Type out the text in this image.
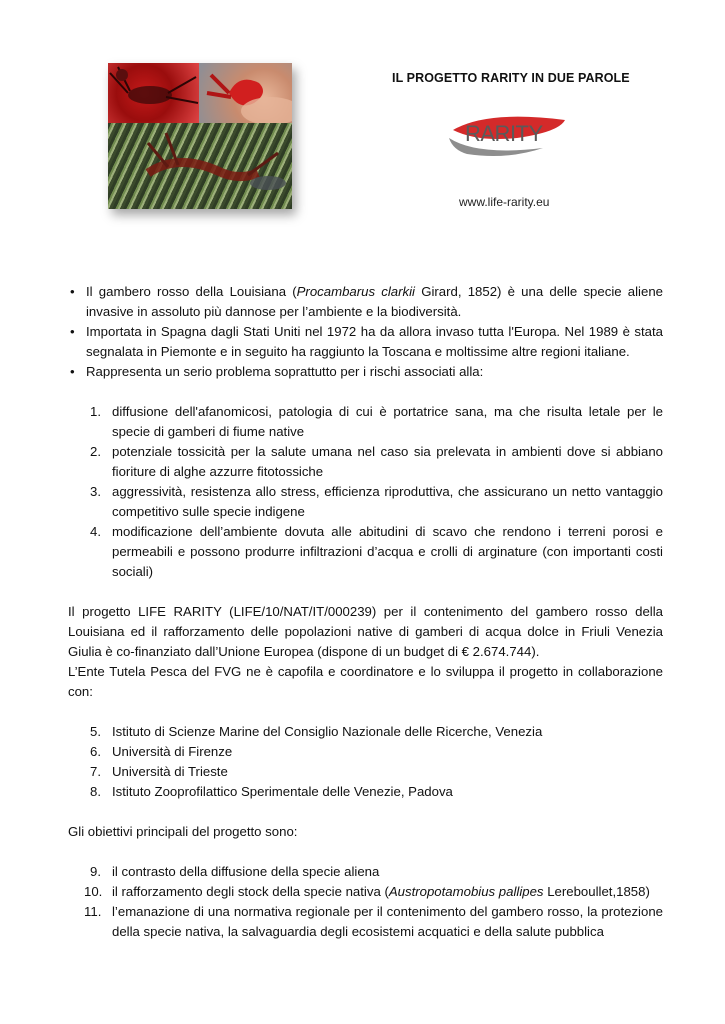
IL PROGETTO RARITY IN DUE PAROLE
RARITY
www.life-rarity.eu
• Il gambero rosso della Louisiana (Procambarus clarkii Girard, 1852) è una delle specie aliene invasive in assoluto più dannose per l’ambiente e la biodiversità.
• Importata in Spagna dagli Stati Uniti nel 1972 ha da allora invaso tutta l'Europa. Nel 1989 è stata segnalata in Piemonte e in seguito ha raggiunto la Toscana e moltissime altre regioni italiane.
• Rappresenta un serio problema soprattutto per i rischi associati alla:
1. diffusione dell'afanomicosi, patologia di cui è portatrice sana, ma che risulta letale per le specie di gamberi di fiume native
2. potenziale tossicità per la salute umana nel caso sia prelevata in ambienti dove si abbiano fioriture di alghe azzurre fitotossiche
3. aggressività, resistenza allo stress, efficienza riproduttiva, che assicurano un netto vantaggio competitivo sulle specie indigene
4. modificazione dell’ambiente dovuta alle abitudini di scavo che rendono i terreni porosi e permeabili e possono produrre infiltrazioni d’acqua e crolli di arginature (con importanti costi sociali)

Il progetto LIFE RARITY (LIFE/10/NAT/IT/000239) per il contenimento del gambero rosso della Louisiana ed il rafforzamento delle popolazioni native di gamberi di acqua dolce in Friuli Venezia Giulia è co-finanziato dall’Unione Europea (dispone di un budget di € 2.674.744).

L’Ente Tutela Pesca del FVG ne è capofila e coordinatore e lo sviluppa il progetto in collaborazione con:

5. Istituto di Scienze Marine del Consiglio Nazionale delle Ricerche, Venezia
6. Università di Firenze
7. Università di Trieste
8. Istituto Zooprofilattico Sperimentale delle Venezie, Padova

Gli obiettivi principali del progetto sono:

9. il contrasto della diffusione della specie aliena
10. il rafforzamento degli stock della specie nativa (Austropotamobius pallipes Lereboullet,1858)
11. l’emanazione di una normativa regionale per il contenimento del gambero rosso, la protezione della specie nativa, la salvaguardia degli ecosistemi acquatici e della salute pubblica
